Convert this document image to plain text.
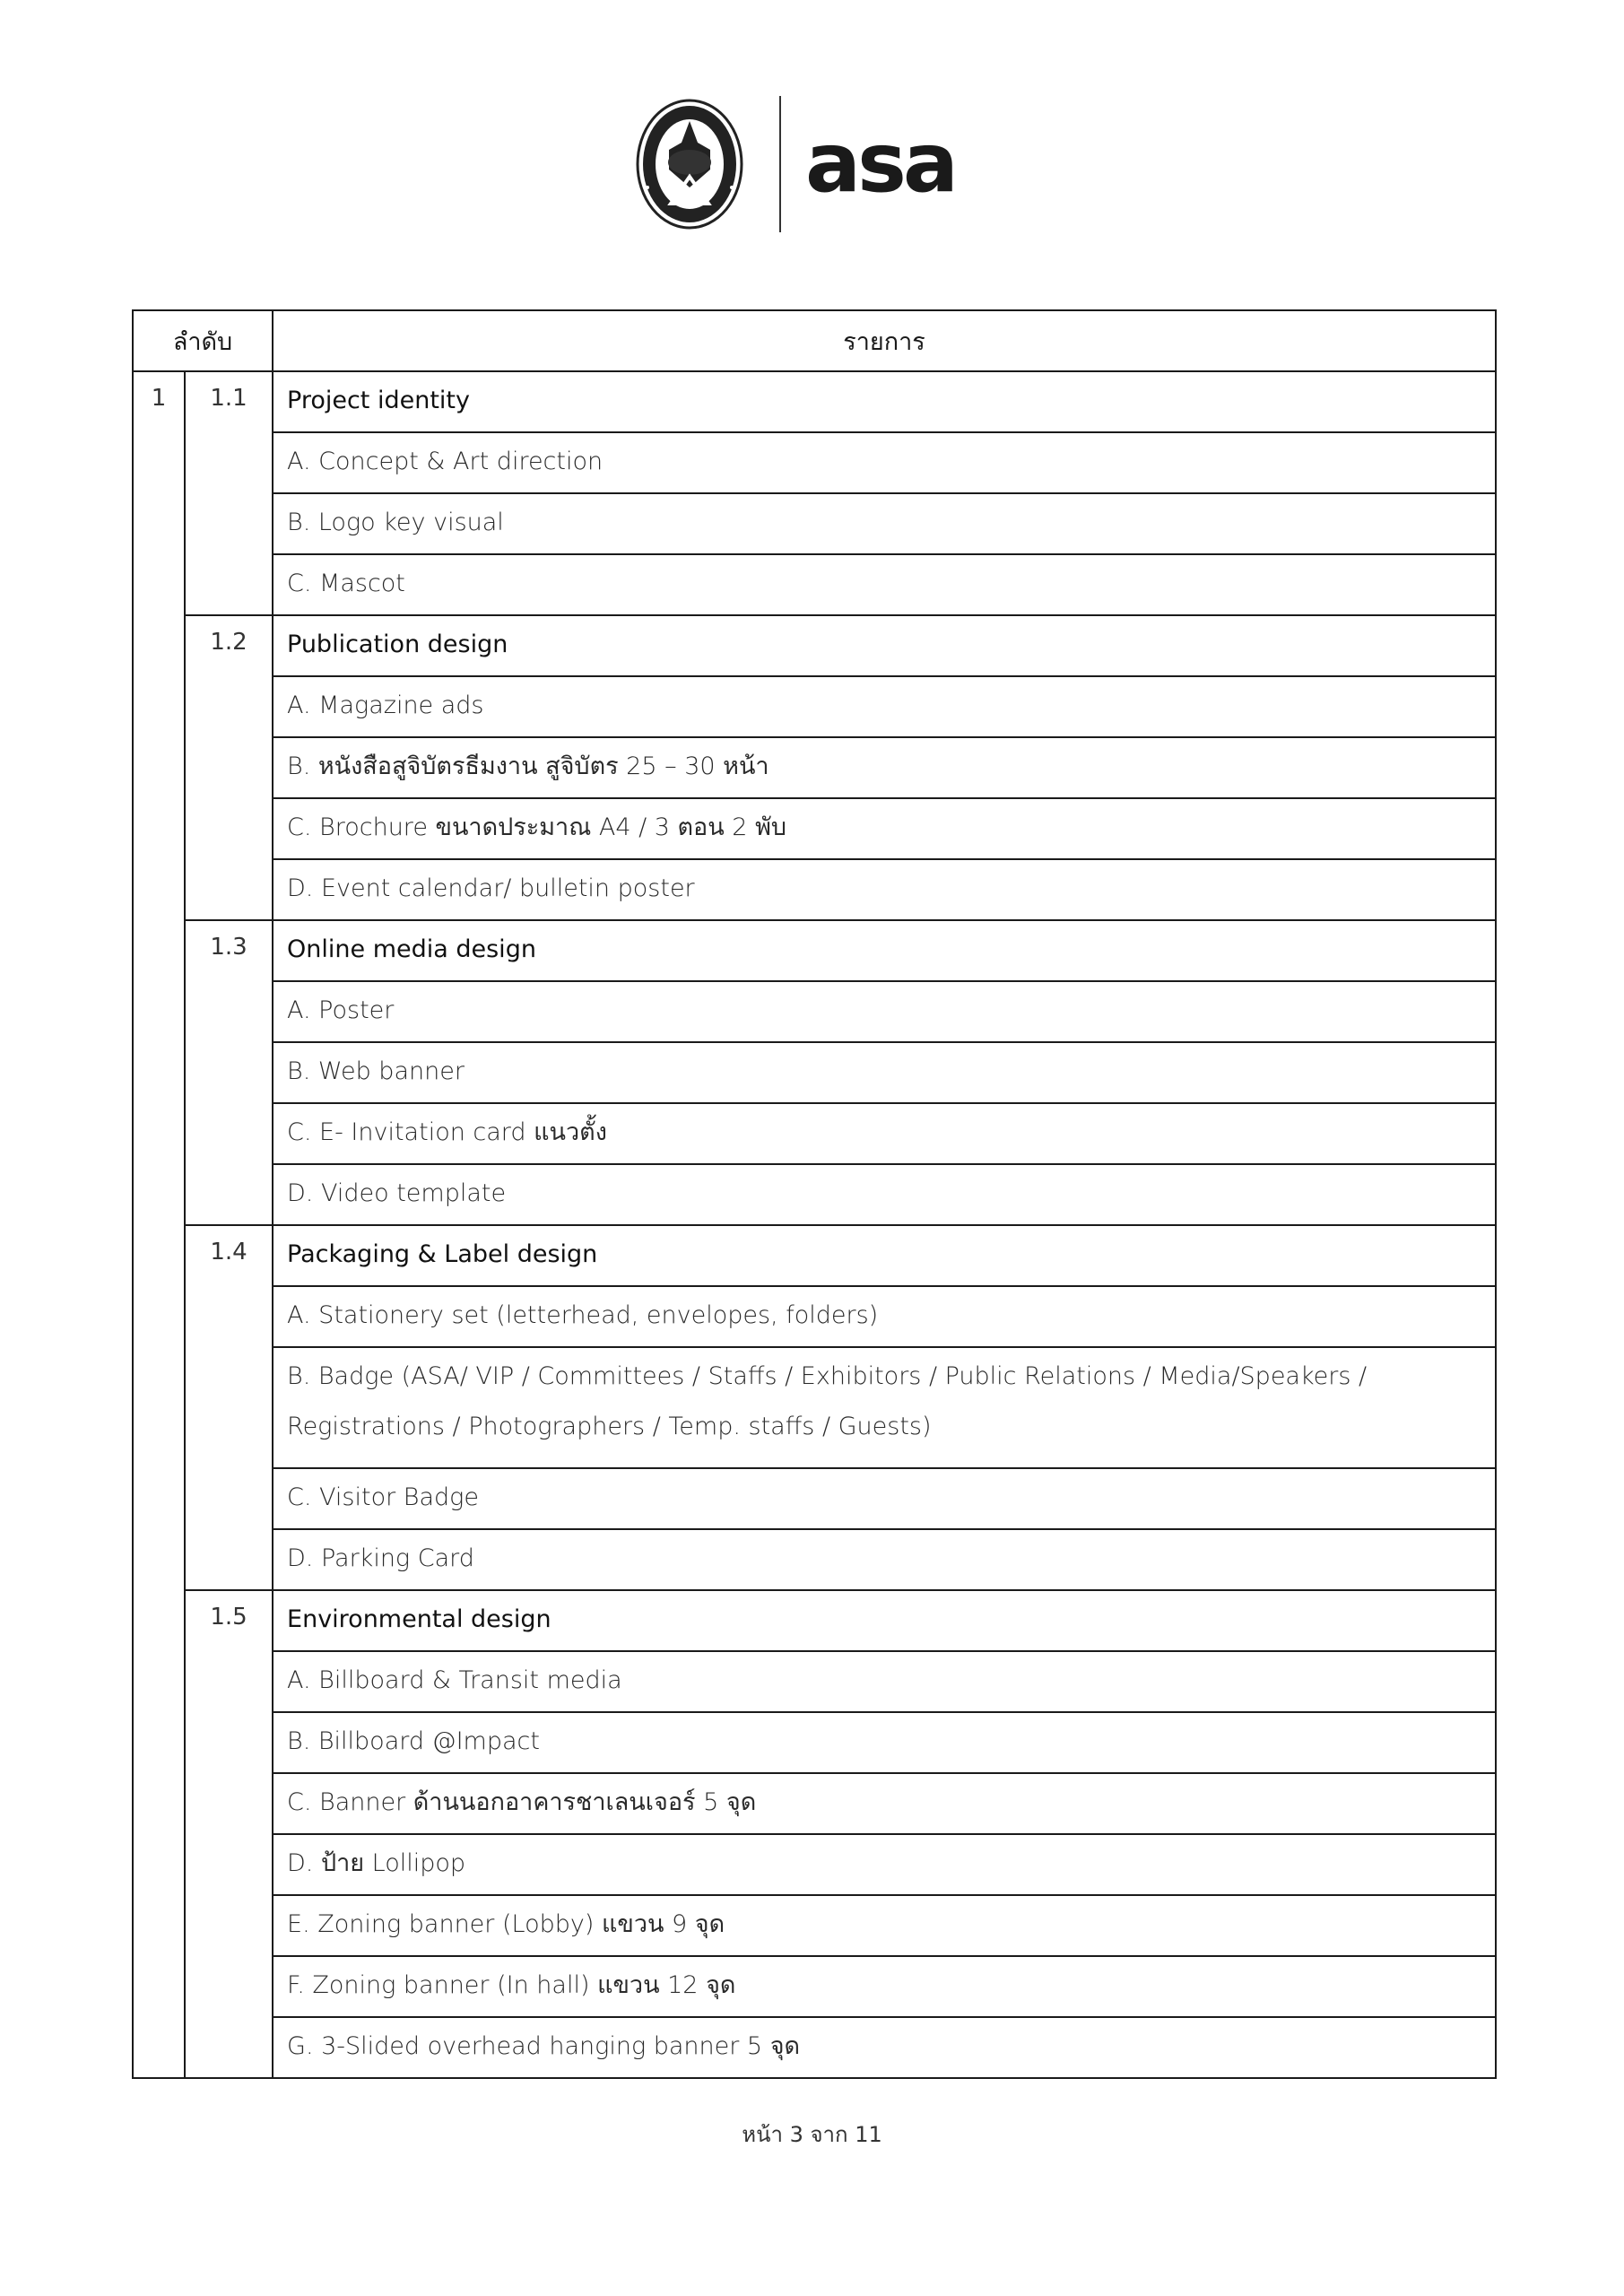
asa
ลำดับ		รายการ
1	1.1	Project identity

		A. Concept & Art direction

		B. Logo key visual

		C. Mascot

	1.2	Publication design

		A. Magazine ads

		B. หนังสือสูจิบัตรธีมงาน สูจิบัตร 25 – 30 หน้า

		C. Brochure ขนาดประมาณ A4 / 3 ตอน 2 พับ

		D. Event calendar/ bulletin poster

	1.3	Online media design

		A. Poster

		B. Web banner

		C. E- Invitation card แนวตั้ง

		D. Video template

	1.4	Packaging & Label design

		A. Stationery set (letterhead, envelopes, folders)

		B. Badge (ASA/ VIP / Committees / Staffs / Exhibitors / Public Relations / Media/Speakers / Registrations / Photographers / Temp. staffs / Guests)

		C. Visitor Badge

		D. Parking Card

	1.5	Environmental design

		A. Billboard & Transit media

		B. Billboard @Impact

		C. Banner ด้านนอกอาคารชาเลนเจอร์ 5 จุด

		D. ป้าย Lollipop

		E. Zoning banner (Lobby) แขวน 9 จุด

		F. Zoning banner (In hall) แขวน 12 จุด

		G. 3-Slided overhead hanging banner 5 จุด
หน้า 3 จาก 11
